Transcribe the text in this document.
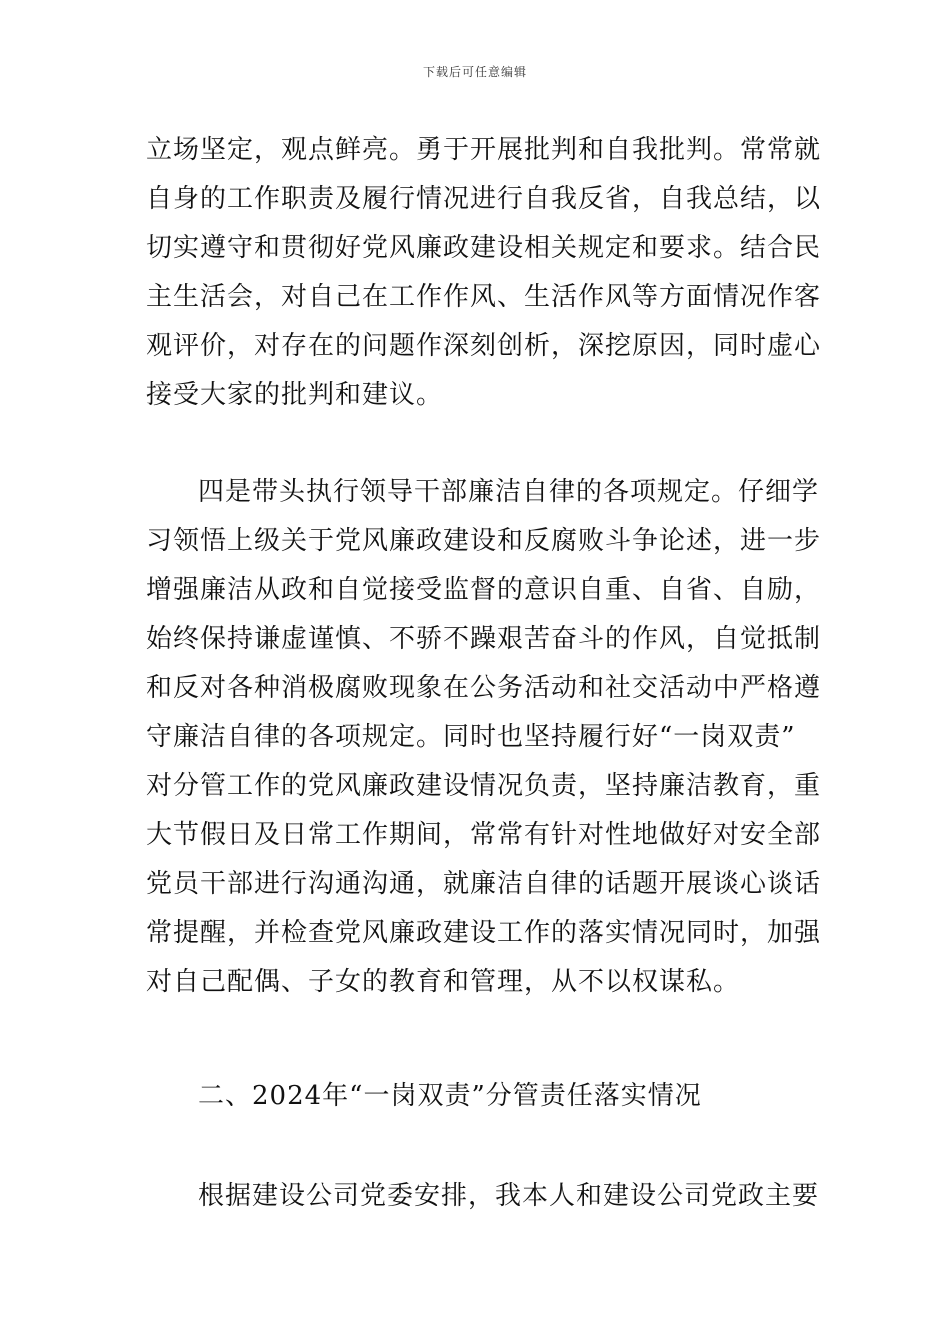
下载后可任意编辑
立场坚定，观点鲜亮。勇于开展批判和自我批判。常常就
自身的工作职责及履行情况进行自我反省，自我总结，以
切实遵守和贯彻好党风廉政建设相关规定和要求。结合民
主生活会，对自己在工作作风、生活作风等方面情况作客
观评价，对存在的问题作深刻创析，深挖原因，同时虚心
接受大家的批判和建议。
四是带头执行领导干部廉洁自律的各项规定。仔细学
习领悟上级关于党风廉政建设和反腐败斗争论述，进一步
增强廉洁从政和自觉接受监督的意识自重、自省、自励，
始终保持谦虚谨慎、不骄不躁艰苦奋斗的作风，自觉抵制
和反对各种消极腐败现象在公务活动和社交活动中严格遵
守廉洁自律的各项规定。同时也坚持履行好“一岗双责”
对分管工作的党风廉政建设情况负责，坚持廉洁教育，重
大节假日及日常工作期间，常常有针对性地做好对安全部
党员干部进行沟通沟通，就廉洁自律的话题开展谈心谈话
常提醒，并检查党风廉政建设工作的落实情况同时，加强
对自己配偶、子女的教育和管理，从不以权谋私。
二、2024年“一岗双责”分管责任落实情况
根据建设公司党委安排，我本人和建设公司党政主要
